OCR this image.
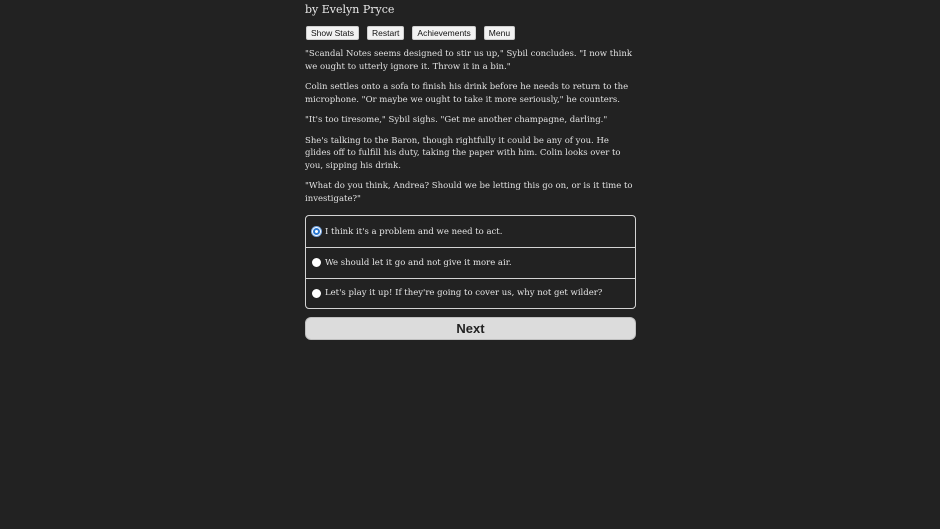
by Evelyn Pryce
Show Stats	Restart	Achievements	Menu

"Scandal Notes seems designed to stir us up," Sybil concludes. "I now think we ought to utterly ignore it. Throw it in a bin."

Colin settles onto a sofa to finish his drink before he needs to return to the microphone. "Or maybe we ought to take it more seriously," he counters.

"It's too tiresome," Sybil sighs. "Get me another champagne, darling."

She's talking to the Baron, though rightfully it could be any of you. He glides off to fulfill his duty, taking the paper with him. Colin looks over to you, sipping his drink.

"What do you think, Andrea? Should we be letting this go on, or is it time to investigate?"

I think it's a problem and we need to act.
We should let it go and not give it more air.
Let's play it up! If they're going to cover us, why not get wilder?
Next
